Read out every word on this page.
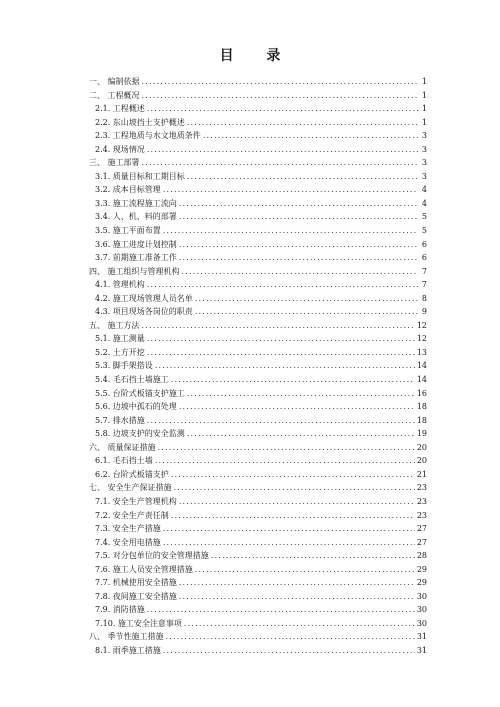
目 录
一、 编制依据 .....	1
二、 工程概况 .....	1
2.1. 工程概述 .....	1
2.2. 东山坡挡土支护概述 .....	1
2.3. 工程地质与水文地质条件 .....	3
2.4. 现场情况 .....	3
三、 施工部署 .....	3
3.1. 质量目标和工期目标 .....	3
3.2. 成本目标管理 .....	4
3.3. 施工流程施工流向 .....	4
3.4. 人、机、料的部署 .....	5
3.5. 施工平面布置 .....	5
3.6. 施工进度计划控制 .....	6
3.7. 前期施工准备工作 .....	6
四、 施工组织与管理机构 .....	7
4.1. 管理机构 .....	7
4.2. 施工现场管理人员名单 .....	8
4.3. 项目现场各岗位的职责 .....	9
五、 施工方法 .....	12
5.1. 施工测量 .....	12
5.2. 土方开挖 .....	13
5.3. 脚手架搭设 .....	14
5.4. 毛石挡土墙施工 .....	14
5.5. 台阶式板锚支护施工 .....	16
5.6. 边坡中孤石的处理 .....	18
5.7. 排水措施 .....	18
5.8. 边坡支护的安全监测 .....	19
六、 质量保证措施 .....	20
6.1. 毛石挡土墙 .....	20
6.2. 台阶式板锚支护 .....	21
七、 安全生产保证措施 .....	23
7.1. 安全生产管理机构 .....	23
7.2. 安全生产责任制 .....	23
7.3. 安全生产措施 .....	27
7.4. 安全用电措施 .....	27
7.5. 对分包单位的安全管理措施 .....	28
7.6. 施工人员安全管理措施 .....	29
7.7. 机械使用安全措施 .....	29
7.8. 夜间施工安全措施 .....	30
7.9. 消防措施 .....	30
7.10. 施工安全注意事项 .....	30
八、 季节性施工措施 .....	31
8.1. 雨季施工措施 .....	31
